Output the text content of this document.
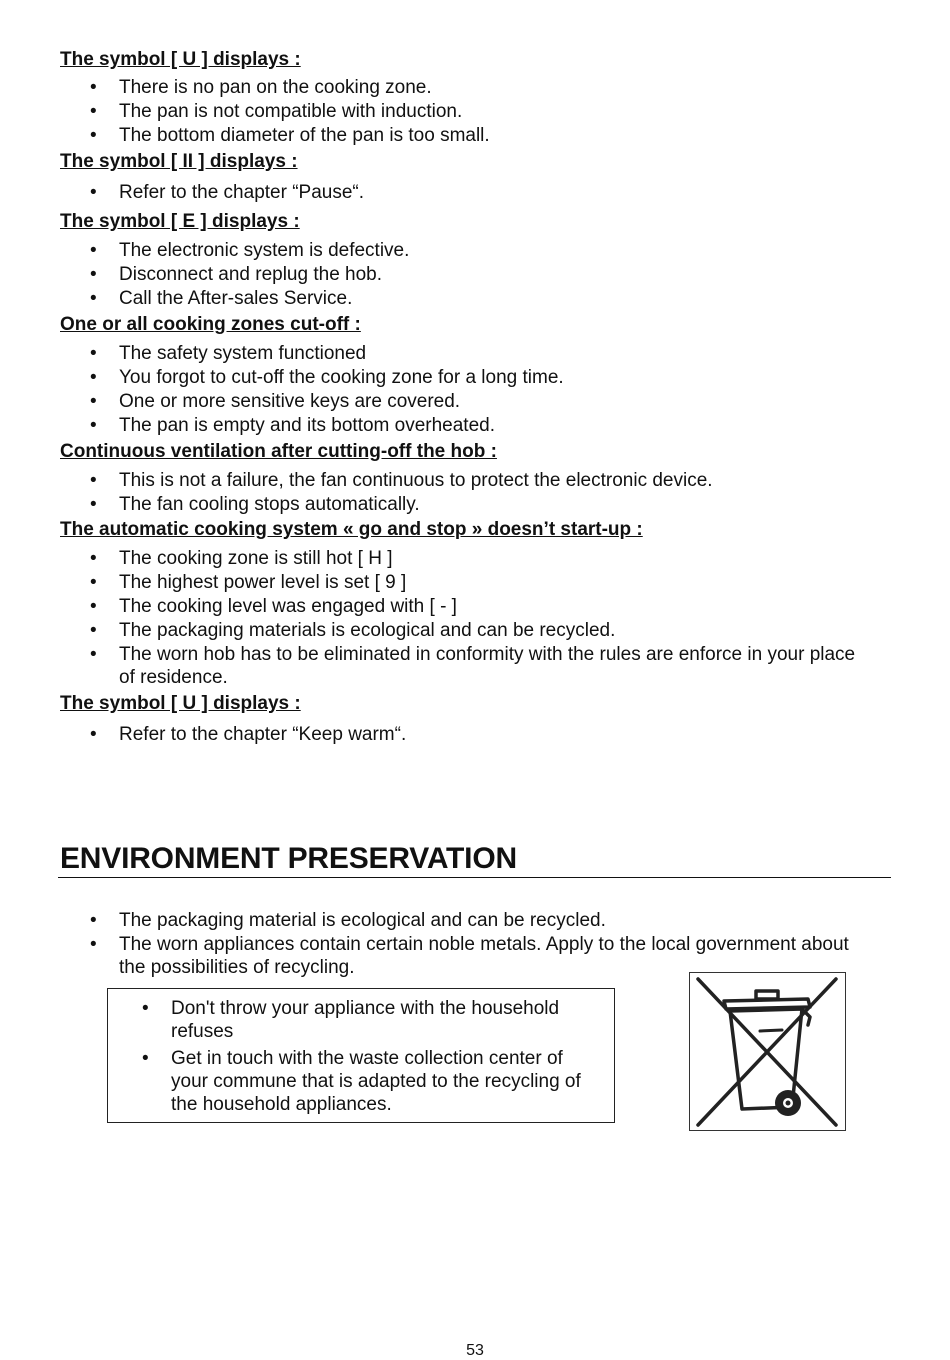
The symbol [ U ] displays :
• There is no pan on the cooking zone.
• The pan is not compatible with induction.
• The bottom diameter of the pan is too small.
The symbol [ II ] displays :
• Refer to the chapter “Pause“.
The symbol [ E ] displays :
• The electronic system is defective.
• Disconnect and replug the hob.
• Call the After-sales Service.
One or all cooking zones cut-off :
• The safety system functioned
• You forgot to cut-off the cooking zone for a long time.
• One or more sensitive keys are covered.
• The pan is empty and its bottom overheated.
Continuous ventilation after cutting-off the hob :
• This is not a failure, the fan continuous to protect the electronic device.
• The fan cooling stops automatically.
The automatic cooking system « go and stop » doesn’t start-up :
• The cooking zone is still hot [ H ]
• The highest power level is set [ 9 ]
• The cooking level was engaged with [ - ]
• The packaging materials is ecological and can be recycled.
• The worn hob has to be eliminated in conformity with the rules are enforce in your place of residence.
The symbol [ U ] displays :
• Refer to the chapter “Keep warm“.
ENVIRONMENT PRESERVATION
• The packaging material is ecological and can be recycled.
• The worn appliances contain certain noble metals. Apply to the local government about the possibilities of recycling.
• Don't throw your appliance with the household refuses
• Get in touch with the waste collection center of your commune that is adapted to the recycling of the household appliances.
53
